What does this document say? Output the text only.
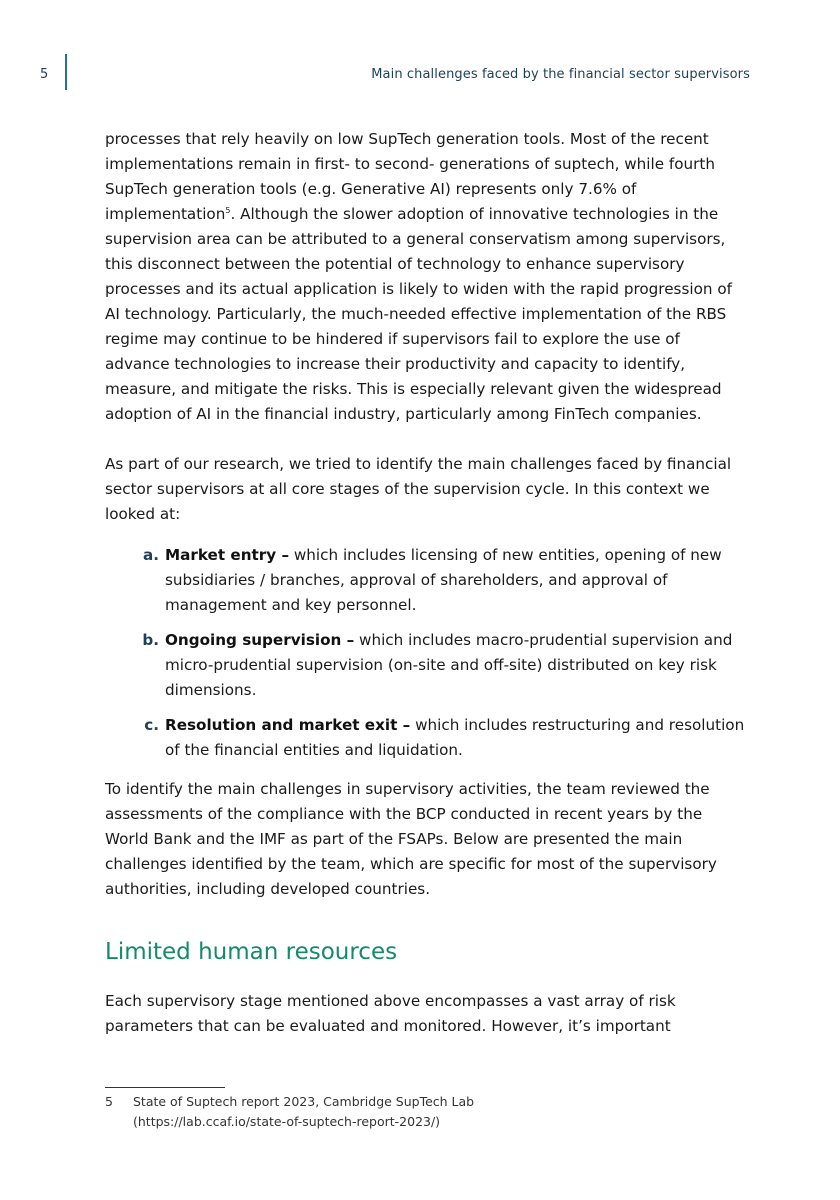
5	Main challenges faced by the financial sector supervisors

processes that rely heavily on low SupTech generation tools. Most of the recent implementations remain in first- to second- generations of suptech, while fourth SupTech generation tools (e.g. Generative AI) represents only 7.6% of implementation$^5$. Although the slower adoption of innovative technologies in the supervision area can be attributed to a general conservatism among supervisors, this disconnect between the potential of technology to enhance supervisory processes and its actual application is likely to widen with the rapid progression of AI technology. Particularly, the much-needed effective implementation of the RBS regime may continue to be hindered if supervisors fail to explore the use of advance technologies to increase their productivity and capacity to identify, measure, and mitigate the risks. This is especially relevant given the widespread adoption of AI in the financial industry, particularly among FinTech companies.

As part of our research, we tried to identify the main challenges faced by financial sector supervisors at all core stages of the supervision cycle. In this context we looked at:

a. Market entry – which includes licensing of new entities, opening of new subsidiaries / branches, approval of shareholders, and approval of management and key personnel.
b. Ongoing supervision – which includes macro-prudential supervision and micro-prudential supervision (on-site and off-site) distributed on key risk dimensions.
c. Resolution and market exit – which includes restructuring and resolution of the financial entities and liquidation.

To identify the main challenges in supervisory activities, the team reviewed the assessments of the compliance with the BCP conducted in recent years by the World Bank and the IMF as part of the FSAPs. Below are presented the main challenges identified by the team, which are specific for most of the supervisory authorities, including developed countries.

Limited human resources

Each supervisory stage mentioned above encompasses a vast array of risk parameters that can be evaluated and monitored. However, it’s important

5 State of Suptech report 2023, Cambridge SupTech Lab
(https://lab.ccaf.io/state-of-suptech-report-2023/)
